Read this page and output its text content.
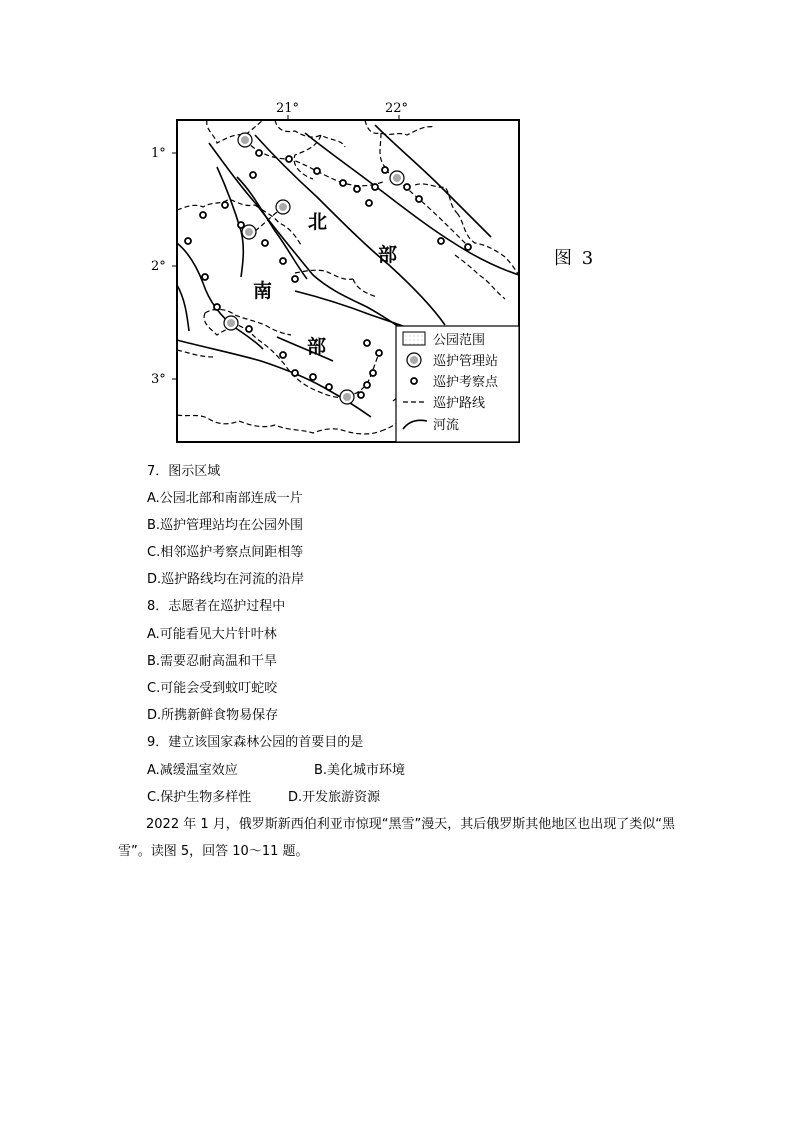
21°	22°
1°
2°
3°
北
部
南
部	公园范围
巡护管理站
巡护考察点
巡护路线
河流
图 3
7．图示区域
A.公园北部和南部连成一片
B.巡护管理站均在公园外围
C.相邻巡护考察点间距相等
D.巡护路线均在河流的沿岸
8．志愿者在巡护过程中
A.可能看见大片针叶林
B.需要忍耐高温和干旱
C.可能会受到蚊叮蛇咬
D.所携新鲜食物易保存
9．建立该国家森林公园的首要目的是
A.减缓温室效应	B.美化城市环境
C.保护生物多样性	D.开发旅游资源
2022 年 1 月，俄罗斯新西伯利亚市惊现“黑雪”漫天，其后俄罗斯其他地区也出现了类似“黑雪”。读图 5，回答 10～11 题。
